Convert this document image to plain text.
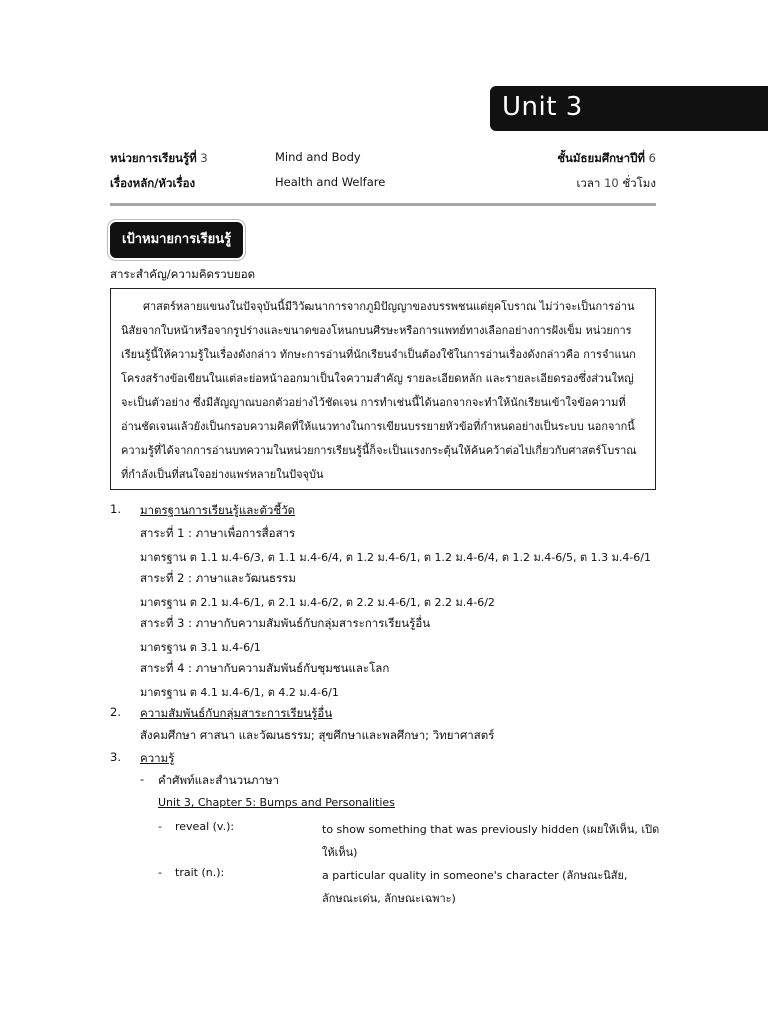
Unit 3
หน่วยการเรียนรู้ที่ 3	Mind and Body	ชั้นมัธยมศึกษาปีที่ 6
เรื่องหลัก/หัวเรื่อง	Health and Welfare	เวลา 10 ชั่วโมง
เป้าหมายการเรียนรู้
สาระสำคัญ/ความคิดรวบยอด
ศาสตร์หลายแขนงในปัจจุบันนี้มีวิวัฒนาการจากภูมิปัญญาของบรรพชนแต่ยุคโบราณ ไม่ว่าจะเป็นการอ่าน
นิสัยจากใบหน้าหรือจากรูปร่างและขนาดของโหนกบนศีรษะหรือการแพทย์ทางเลือกอย่างการฝังเข็ม หน่วยการ
เรียนรู้นี้ให้ความรู้ในเรื่องดังกล่าว ทักษะการอ่านที่นักเรียนจำเป็นต้องใช้ในการอ่านเรื่องดังกล่าวคือ การจำแนก
โครงสร้างข้อเขียนในแต่ละย่อหน้าออกมาเป็นใจความสำคัญ รายละเอียดหลัก และรายละเอียดรองซึ่งส่วนใหญ่
จะเป็นตัวอย่าง ซึ่งมีสัญญาณบอกตัวอย่างไว้ชัดเจน การทำเช่นนี้ได้นอกจากจะทำให้นักเรียนเข้าใจข้อความที่
อ่านชัดเจนแล้วยังเป็นกรอบความคิดที่ให้แนวทางในการเขียนบรรยายหัวข้อที่กำหนดอย่างเป็นระบบ นอกจากนี้
ความรู้ที่ได้จากการอ่านบทความในหน่วยการเรียนรู้นี้ก็จะเป็นแรงกระตุ้นให้ค้นคว้าต่อไปเกี่ยวกับศาสตร์โบราณ
ที่กำลังเป็นที่สนใจอย่างแพร่หลายในปัจจุบัน
1. มาตรฐานการเรียนรู้และตัวชี้วัด
สาระที่ 1 : ภาษาเพื่อการสื่อสาร
มาตรฐาน ต 1.1 ม.4-6/3, ต 1.1 ม.4-6/4, ต 1.2 ม.4-6/1, ต 1.2 ม.4-6/4, ต 1.2 ม.4-6/5, ต 1.3 ม.4-6/1
สาระที่ 2 : ภาษาและวัฒนธรรม
มาตรฐาน ต 2.1 ม.4-6/1, ต 2.1 ม.4-6/2, ต 2.2 ม.4-6/1, ต 2.2 ม.4-6/2
สาระที่ 3 : ภาษากับความสัมพันธ์กับกลุ่มสาระการเรียนรู้อื่น
มาตรฐาน ต 3.1 ม.4-6/1
สาระที่ 4 : ภาษากับความสัมพันธ์กับชุมชนและโลก
มาตรฐาน ต 4.1 ม.4-6/1, ต 4.2 ม.4-6/1
2. ความสัมพันธ์กับกลุ่มสาระการเรียนรู้อื่น
สังคมศึกษา ศาสนา และวัฒนธรรม; สุขศึกษาและพลศึกษา; วิทยาศาสตร์
3. ความรู้
- คำศัพท์และสำนวนภาษา
Unit 3, Chapter 5: Bumps and Personalities
- reveal (v.):	to show something that was previously hidden (เผยให้เห็น, เปิด
ให้เห็น)
- trait (n.):	a particular quality in someone's character (ลักษณะนิสัย,
ลักษณะเด่น, ลักษณะเฉพาะ)
